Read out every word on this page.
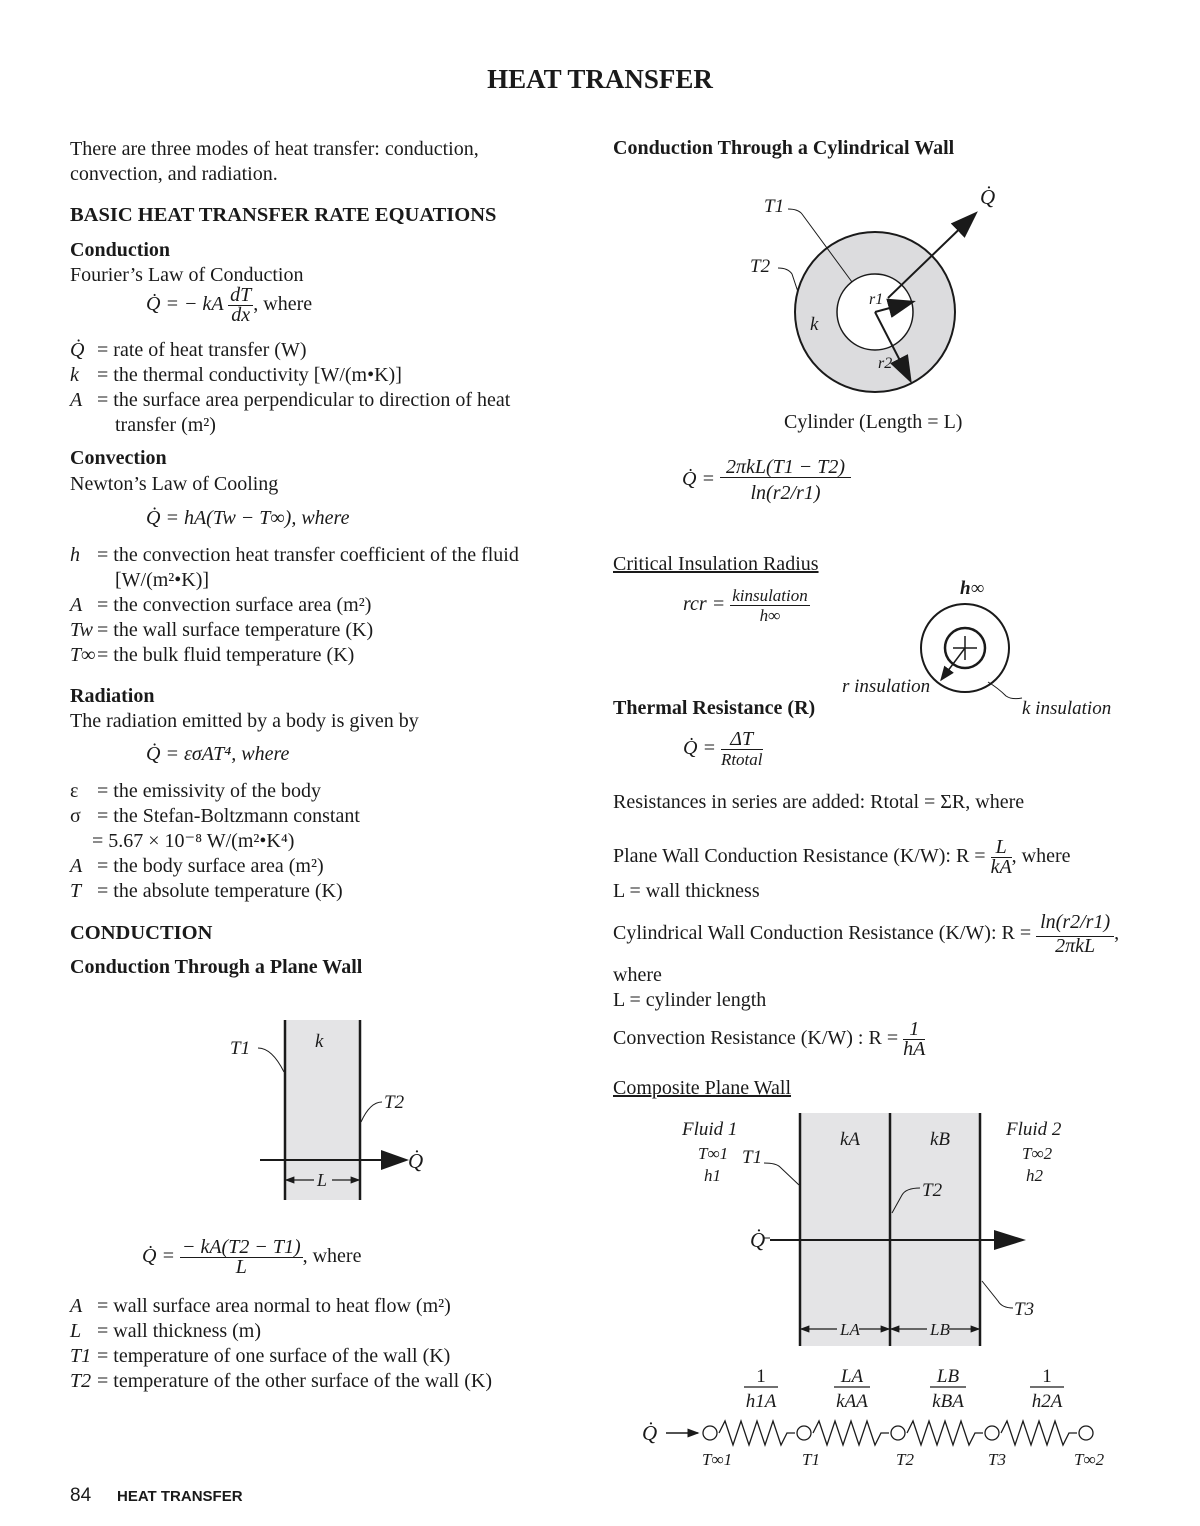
HEAT TRANSFER
There are three modes of heat transfer: conduction,
convection, and radiation.
BASIC HEAT TRANSFER RATE EQUATIONS
Conduction
Fourier’s Law of Conduction
Q̇ = − kA $\frac{dT}{dx}$ , where
Q̇ = rate of heat transfer (W)
k = the thermal conductivity [W/(m•K)]
A = the surface area perpendicular to direction of heat
transfer (m²)
Convection
Newton’s Law of Cooling
Q̇ = hA(Tw − T∞), where
h = the convection heat transfer coefficient of the fluid
[W/(m²•K)]
A = the convection surface area (m²)
Tw = the wall surface temperature (K)
T∞ = the bulk fluid temperature (K)
Radiation
The radiation emitted by a body is given by
Q̇ = εσAT⁴, where
ε = the emissivity of the body
σ = the Stefan-Boltzmann constant
= 5.67 × 10⁻⁸ W/(m²•K⁴)
A = the body surface area (m²)
T = the absolute temperature (K)
CONDUCTION
Conduction Through a Plane Wall
T1	k
T2
L
Q̇
Q̇ = $\frac{- kA(T2 - T1)}{L}$ , where
A = wall surface area normal to heat flow (m²)
L = wall thickness (m)
T1 = temperature of one surface of the wall (K)
T2 = temperature of the other surface of the wall (K)
84 HEAT TRANSFER
Conduction Through a Cylindrical Wall
T1
T2
k
r1
r2
Q̇
Cylinder (Length = L)
Q̇ = $\frac{\text{2πkL(T1 − T2)}}{\ln(r2/r1)}$
Critical Insulation Radius
rcr = $\frac{\text{kinsulation}}{h\infty}$	h∞
r insulation
k insulation
Thermal Resistance (R)
Q̇ = $\frac{\Delta T}{\text{Rtotal}}$
Resistances in series are added: Rtotal = ΣR, where
Plane Wall Conduction Resistance (K/W): $R = \frac{L}{kA}$ , where
L = wall thickness
Cylindrical Wall Conduction Resistance (K/W): $R = \frac{\ln(r2/r1)}{\text{2πkL}}$ ,
where
L = cylinder length
Convection Resistance (K/W) : $R = \frac{1}{hA}$
Composite Plane Wall
Fluid 1
T∞1
h1
T1
kA	kB
T2
Fluid 2
T∞2
h2
T3
Q̇
LA	LB
1
h1A
LA
kAA
LB
kBA
1
h2A
Q̇
T∞1	T1	T2	T3	T∞2
